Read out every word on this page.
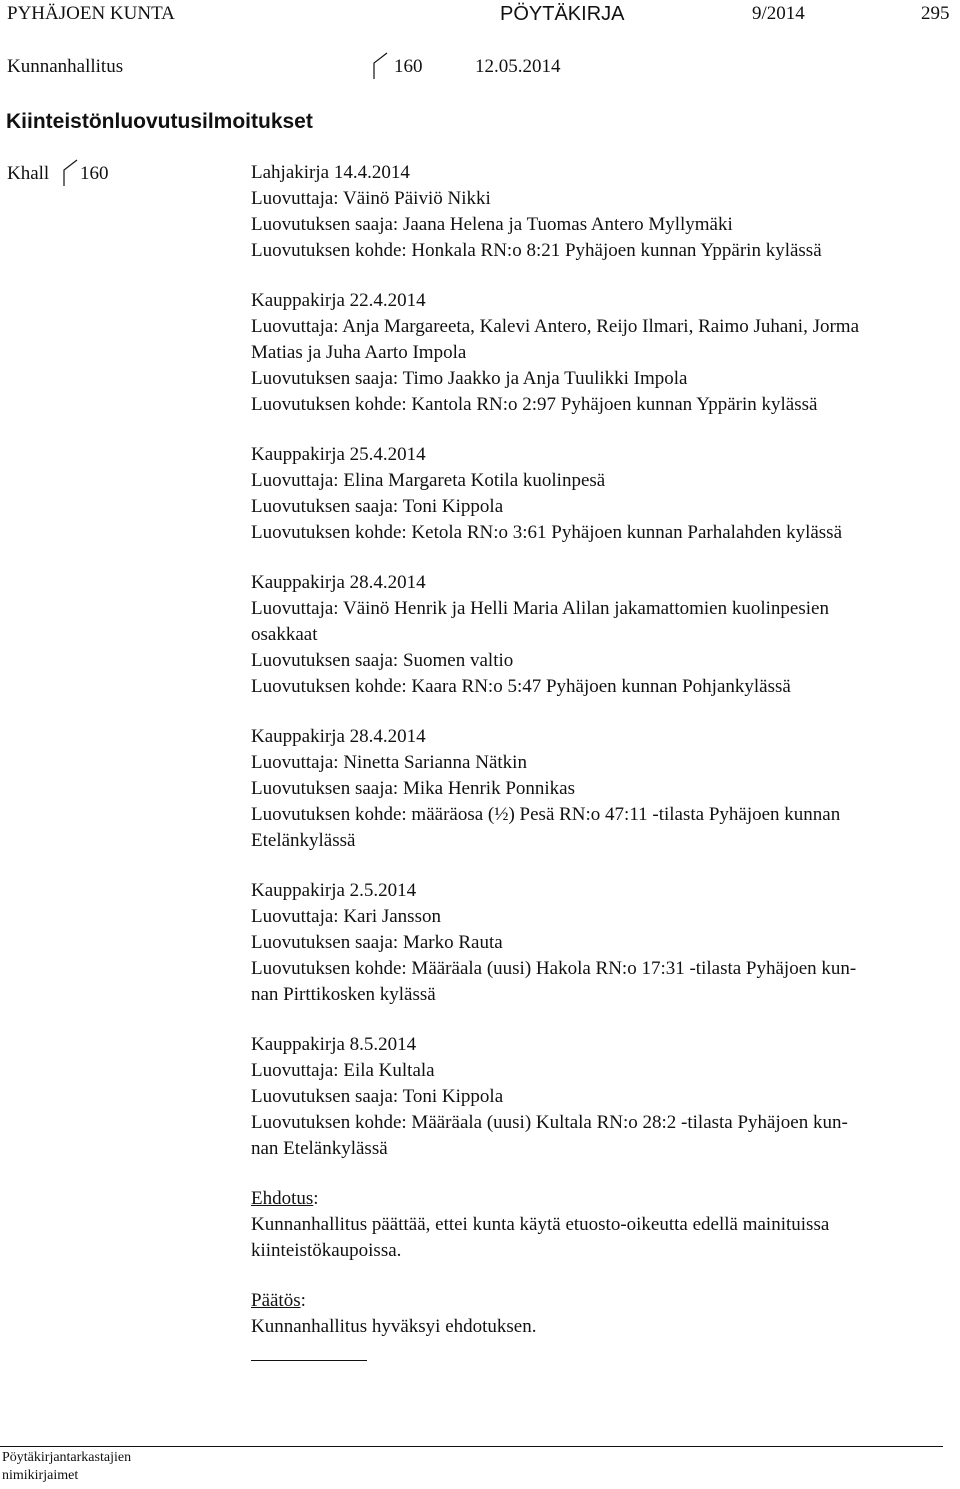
PYHÄJOEN KUNTA	PÖYTÄKIRJA	9/2014	295
Kunnanhallitus	160	12.05.2014
Kiinteistönluovutusilmoitukset
Khall 160	Lahjakirja 14.4.2014
Luovuttaja: Väinö Päiviö Nikki
Luovutuksen saaja: Jaana Helena ja Tuomas Antero Myllymäki
Luovutuksen kohde: Honkala RN:o 8:21 Pyhäjoen kunnan Yppärin kylässä
Kauppakirja 22.4.2014
Luovuttaja: Anja Margareeta, Kalevi Antero, Reijo Ilmari, Raimo Juhani, Jorma
Matias ja Juha Aarto Impola
Luovutuksen saaja: Timo Jaakko ja Anja Tuulikki Impola
Luovutuksen kohde: Kantola RN:o 2:97 Pyhäjoen kunnan Yppärin kylässä
Kauppakirja 25.4.2014
Luovuttaja: Elina Margareta Kotila kuolinpesä
Luovutuksen saaja: Toni Kippola
Luovutuksen kohde: Ketola RN:o 3:61 Pyhäjoen kunnan Parhalahden kylässä
Kauppakirja 28.4.2014
Luovuttaja: Väinö Henrik ja Helli Maria Alilan jakamattomien kuolinpesien
osakkaat
Luovutuksen saaja: Suomen valtio
Luovutuksen kohde: Kaara RN:o 5:47 Pyhäjoen kunnan Pohjankylässä
Kauppakirja 28.4.2014
Luovuttaja: Ninetta Sarianna Nätkin
Luovutuksen saaja: Mika Henrik Ponnikas
Luovutuksen kohde: määräosa (½) Pesä RN:o 47:11 -tilasta Pyhäjoen kunnan
Etelänkylässä
Kauppakirja 2.5.2014
Luovuttaja: Kari Jansson
Luovutuksen saaja: Marko Rauta
Luovutuksen kohde: Määräala (uusi) Hakola RN:o 17:31 -tilasta Pyhäjoen kun-
nan Pirttikosken kylässä
Kauppakirja 8.5.2014
Luovuttaja: Eila Kultala
Luovutuksen saaja: Toni Kippola
Luovutuksen kohde: Määräala (uusi) Kultala RN:o 28:2 -tilasta Pyhäjoen kun-
nan Etelänkylässä
Ehdotus:
Kunnanhallitus päättää, ettei kunta käytä etuosto-oikeutta edellä mainituissa
kiinteistökaupoissa.
Päätös:
Kunnanhallitus hyväksyi ehdotuksen.
Pöytäkirjantarkastajien
nimikirjaimet
